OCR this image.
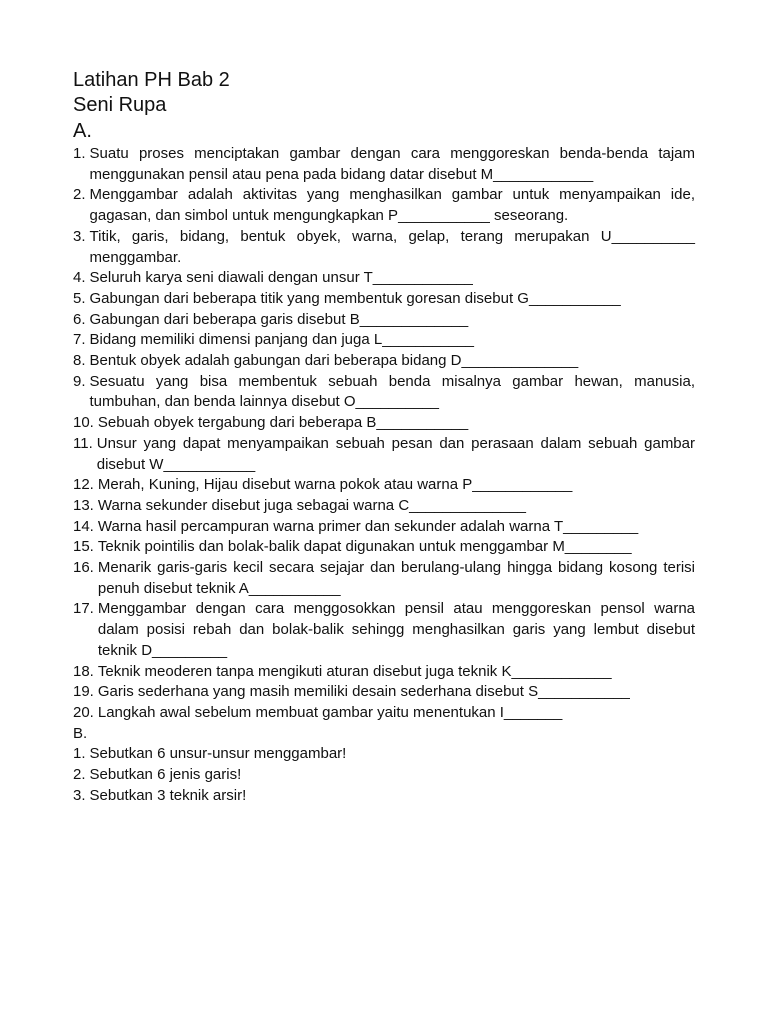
Latihan PH Bab 2
Seni Rupa
A.
1. Suatu proses menciptakan gambar dengan cara menggoreskan benda-benda tajam menggunakan pensil atau pena pada bidang datar disebut M____________
2. Menggambar adalah aktivitas yang menghasilkan gambar untuk menyampaikan ide, gagasan, dan simbol untuk mengungkapkan P___________ seseorang.
3. Titik, garis, bidang, bentuk obyek, warna, gelap, terang merupakan U__________ menggambar.
4. Seluruh karya seni diawali dengan unsur T____________
5. Gabungan dari beberapa titik yang membentuk goresan disebut G___________
6. Gabungan dari beberapa garis disebut B_____________
7. Bidang memiliki dimensi panjang dan juga L___________
8. Bentuk obyek adalah gabungan dari beberapa bidang D______________
9. Sesuatu yang bisa membentuk sebuah benda misalnya gambar hewan, manusia, tumbuhan, dan benda lainnya disebut O__________
10. Sebuah obyek tergabung dari beberapa B___________
11. Unsur yang dapat menyampaikan sebuah pesan dan perasaan dalam sebuah gambar disebut W___________
12. Merah, Kuning, Hijau disebut warna pokok atau warna P____________
13. Warna sekunder disebut juga sebagai warna C______________
14. Warna hasil percampuran warna primer dan sekunder adalah warna T_________
15. Teknik pointilis dan bolak-balik dapat digunakan untuk menggambar M________
16. Menarik garis-garis kecil secara sejajar dan berulang-ulang hingga bidang kosong terisi penuh disebut teknik A___________
17. Menggambar dengan cara menggosokkan pensil atau menggoreskan pensol warna dalam posisi rebah dan bolak-balik sehingg menghasilkan garis yang lembut disebut teknik D_________
18. Teknik meoderen tanpa mengikuti aturan disebut juga teknik K____________
19. Garis sederhana yang masih memiliki desain sederhana disebut S___________
20. Langkah awal sebelum membuat gambar yaitu menentukan I_______
B.
1. Sebutkan 6 unsur-unsur menggambar!
2. Sebutkan 6 jenis garis!
3. Sebutkan 3 teknik arsir!
